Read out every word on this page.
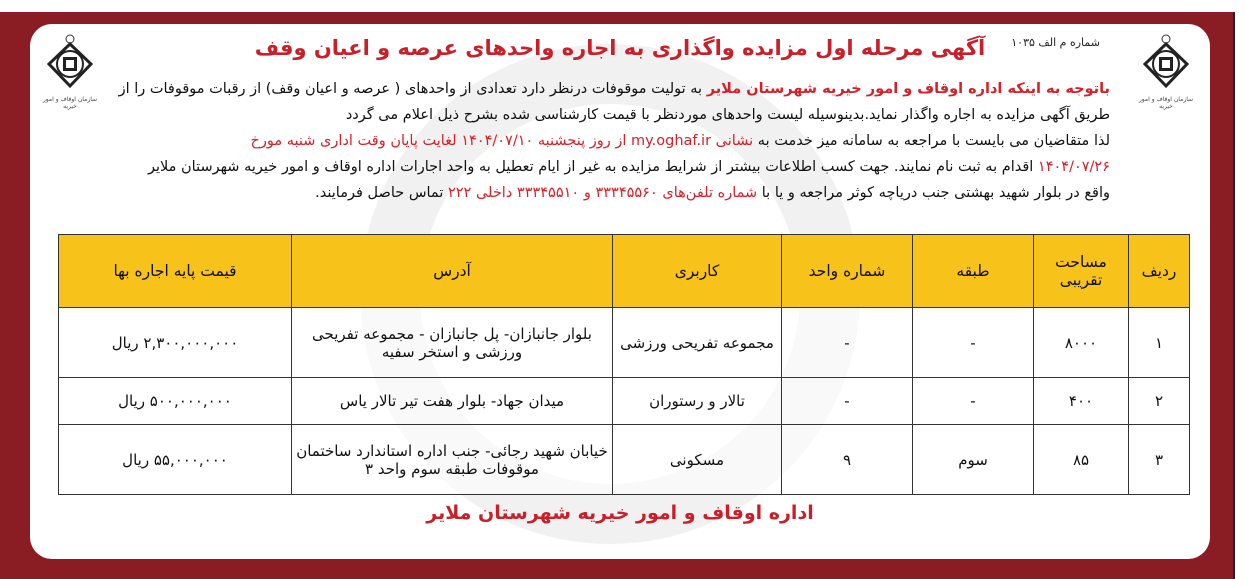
سازمان اوقاف و امور خیریه
سازمان اوقاف و امور خیریه
شماره م الف ۱۰۳۵
آگهی مرحله اول مزایده واگذاری به اجاره واحدهای عرصه و اعیان وقف
باتوجه به اینکه اداره اوقاف و امور خیریه شهرستان ملایر به تولیت موقوفات درنظر دارد تعدادی از واحدهای ( عرصه و اعیان وقف) از رقبات موقوفات را از
طریق آگهی مزایده به اجاره واگذار نماید.بدینوسیله لیست واحدهای موردنظر با قیمت کارشناسی شده بشرح ذیل اعلام می گردد
لذا متقاضیان می بایست با مراجعه به سامانه میز خدمت به نشانی my.oghaf.ir از روز پنجشنبه ۱۴۰۴/۰۷/۱۰ لغایت پایان وقت اداری شنبه مورخ
۱۴۰۴/۰۷/۲۶ اقدام به ثبت نام نمایند. جهت کسب اطلاعات بیشتر از شرایط مزایده به غیر از ایام تعطیل به واحد اجارات اداره اوقاف و امور خیریه شهرستان ملایر
واقع در بلوار شهید بهشتی جنب دریاچه کوثر مراجعه و یا با شماره تلفن‌های ۳۳۳۴۵۵۶۰ و ۳۳۳۴۵۵۱۰ داخلی ۲۲۲ تماس حاصل فرمایند.
ردیف	مساحت تقریبی	طبقه	شماره واحد	کاربری	آدرس	قیمت پایه اجاره بها
۱	۸۰۰۰	-	-	مجموعه تفریحی ورزشی	بلوار جانبازان- پل جانبازان - مجموعه تفریحی ورزشی و استخر سفیه	۲,۳۰۰,۰۰۰,۰۰۰ ریال
۲	۴۰۰	-	-	تالار و رستوران	میدان جهاد- بلوار هفت تیر تالار یاس	۵۰۰,۰۰۰,۰۰۰ ریال
۳	۸۵	سوم	۹	مسکونی	خیابان شهید رجائی- جنب اداره استاندارد ساختمان موقوفات طبقه سوم واحد ۳	۵۵,۰۰۰,۰۰۰ ریال
اداره اوقاف و امور خیریه شهرستان ملایر
